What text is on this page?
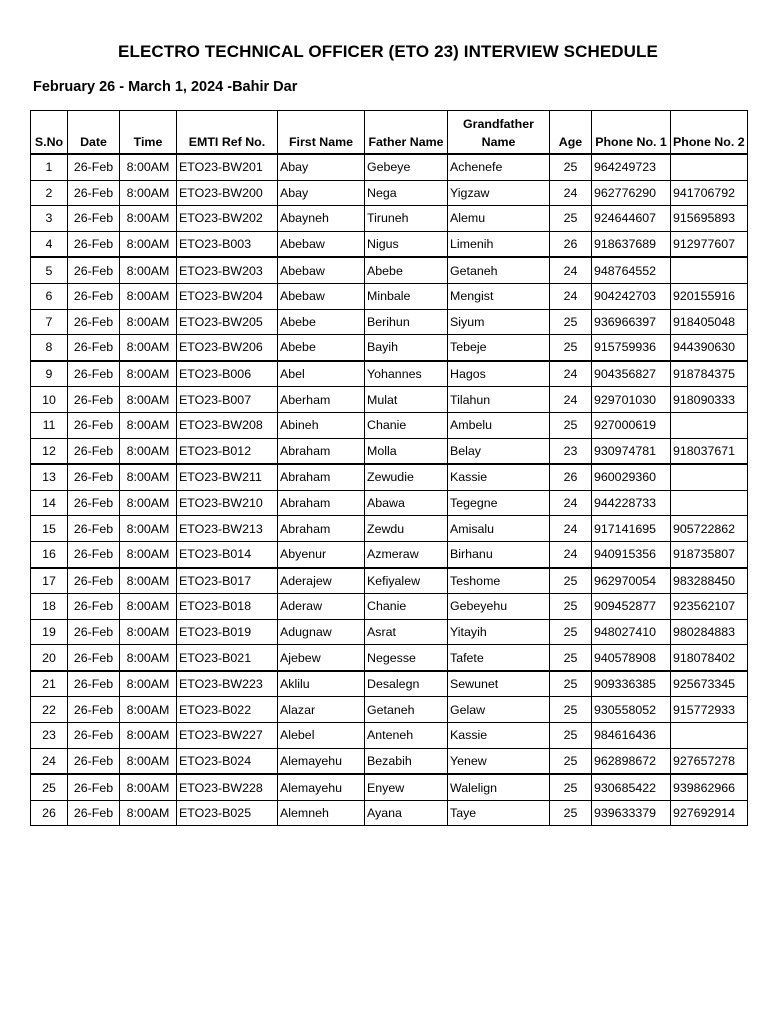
ELECTRO TECHNICAL OFFICER (ETO 23) INTERVIEW SCHEDULE
February 26 - March 1, 2024 -Bahir Dar
S.No	Date	Time	EMTI Ref No.	First Name	Father Name	Grandfather Name	Age	Phone No. 1	Phone No. 2
1	26-Feb	8:00AM	ETO23-BW201	Abay	Gebeye	Achenefe	25	964249723	
2	26-Feb	8:00AM	ETO23-BW200	Abay	Nega	Yigzaw	24	962776290	941706792
3	26-Feb	8:00AM	ETO23-BW202	Abayneh	Tiruneh	Alemu	25	924644607	915695893
4	26-Feb	8:00AM	ETO23-B003	Abebaw	Nigus	Limenih	26	918637689	912977607
5	26-Feb	8:00AM	ETO23-BW203	Abebaw	Abebe	Getaneh	24	948764552	
6	26-Feb	8:00AM	ETO23-BW204	Abebaw	Minbale	Mengist	24	904242703	920155916
7	26-Feb	8:00AM	ETO23-BW205	Abebe	Berihun	Siyum	25	936966397	918405048
8	26-Feb	8:00AM	ETO23-BW206	Abebe	Bayih	Tebeje	25	915759936	944390630
9	26-Feb	8:00AM	ETO23-B006	Abel	Yohannes	Hagos	24	904356827	918784375
10	26-Feb	8:00AM	ETO23-B007	Aberham	Mulat	Tilahun	24	929701030	918090333
11	26-Feb	8:00AM	ETO23-BW208	Abineh	Chanie	Ambelu	25	927000619	
12	26-Feb	8:00AM	ETO23-B012	Abraham	Molla	Belay	23	930974781	918037671
13	26-Feb	8:00AM	ETO23-BW211	Abraham	Zewudie	Kassie	26	960029360	
14	26-Feb	8:00AM	ETO23-BW210	Abraham	Abawa	Tegegne	24	944228733	
15	26-Feb	8:00AM	ETO23-BW213	Abraham	Zewdu	Amisalu	24	917141695	905722862
16	26-Feb	8:00AM	ETO23-B014	Abyenur	Azmeraw	Birhanu	24	940915356	918735807
17	26-Feb	8:00AM	ETO23-B017	Aderajew	Kefiyalew	Teshome	25	962970054	983288450
18	26-Feb	8:00AM	ETO23-B018	Aderaw	Chanie	Gebeyehu	25	909452877	923562107
19	26-Feb	8:00AM	ETO23-B019	Adugnaw	Asrat	Yitayih	25	948027410	980284883
20	26-Feb	8:00AM	ETO23-B021	Ajebew	Negesse	Tafete	25	940578908	918078402
21	26-Feb	8:00AM	ETO23-BW223	Aklilu	Desalegn	Sewunet	25	909336385	925673345
22	26-Feb	8:00AM	ETO23-B022	Alazar	Getaneh	Gelaw	25	930558052	915772933
23	26-Feb	8:00AM	ETO23-BW227	Alebel	Anteneh	Kassie	25	984616436	
24	26-Feb	8:00AM	ETO23-B024	Alemayehu	Bezabih	Yenew	25	962898672	927657278
25	26-Feb	8:00AM	ETO23-BW228	Alemayehu	Enyew	Walelign	25	930685422	939862966
26	26-Feb	8:00AM	ETO23-B025	Alemneh	Ayana	Taye	25	939633379	927692914
